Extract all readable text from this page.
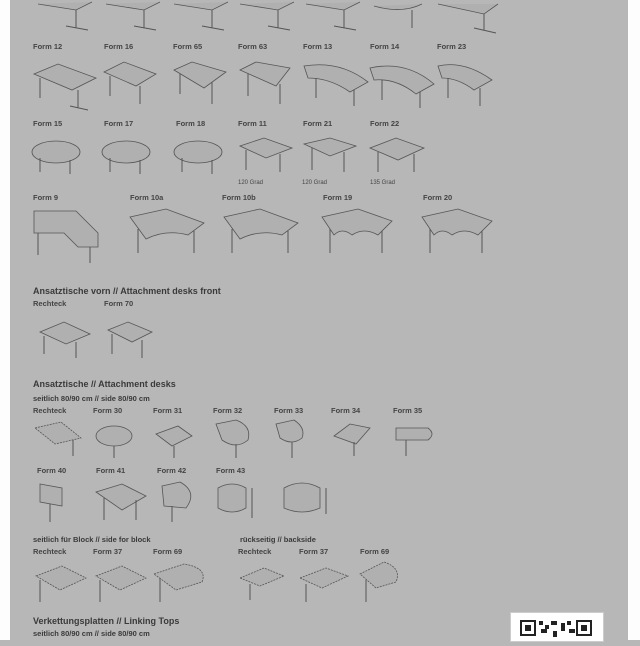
Form 12	Form 16	Form 65	Form 63	Form 13	Form 14	Form 23
Form 15	Form 17	Form 18	Form 11	Form 21	Form 22
120 Grad	120 Grad	135 Grad
Form 9	Form 10a	Form 10b	Form 19	Form 20
Ansatztische vorn // Attachment desks front
Rechteck	Form 70
Ansatztische // Attachment desks
seitlich 80/90 cm // side 80/90 cm
Rechteck	Form 30	Form 31	Form 32	Form 33	Form 34	Form 35
Form 40	Form 41	Form 42	Form 43
seitlich für Block // side for block
Rechteck	Form 37	Form 69
rückseitig // backside
Rechteck	Form 37	Form 69
Verkettungsplatten // Linking Tops
seitlich 80/90 cm // side 80/90 cm
